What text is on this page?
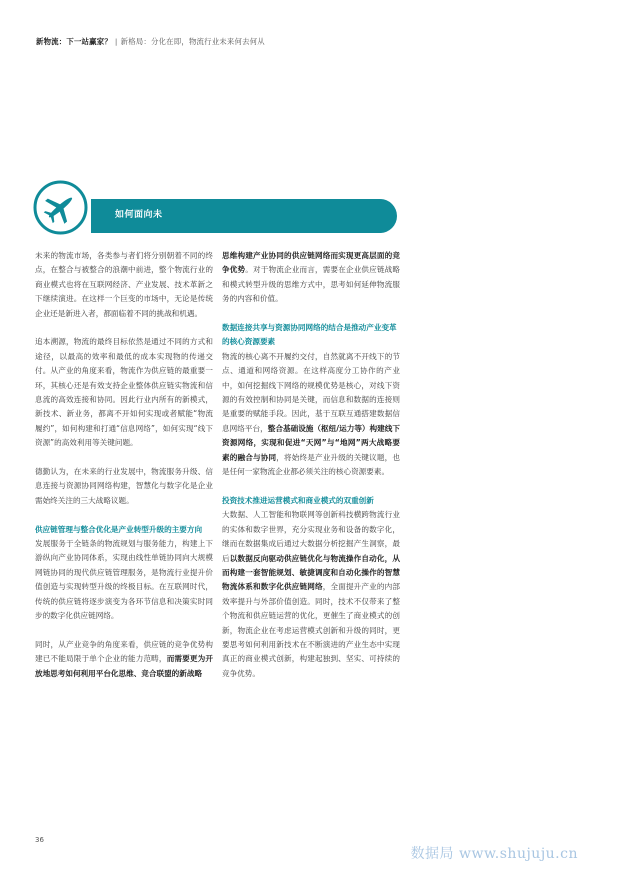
新物流：下一站赢家？ | 新格局：分化在即，物流行业未来何去何从
如何面向未

未来的物流市场，各类参与者们将分别朝着不同的终点，在整合与被整合的浪潮中前进，整个物流行业的商业模式也将在互联网经济、产业发展、技术革新之下继续演进。在这样一个巨变的市场中，无论是传统企业还是新进入者，都面临着不同的挑战和机遇。

追本溯源，物流的最终目标依然是通过不同的方式和途径，以最高的效率和最低的成本实现物的传递交付。从产业的角度来看，物流作为供应链的最重要一环，其核心还是有效支持企业整体供应链实物流和信息流的高效连接和协同。因此行业内所有的新模式，新技术、新业务，都离不开如何实现或者赋能“物流履约”，如何构建和打通“信息网络”，如何实现“线下资源”的高效利用等关键问题。

德勤认为，在未来的行业发展中，物流服务升级、信息连接与资源协同网络构建，智慧化与数字化是企业需始终关注的三大战略议题。

供应链管理与整合优化是产业转型升级的主要方向

发展服务于全链条的物流规划与服务能力，构建上下游纵向产业协同体系，实现由线性单链协同向大规模网链协同的现代供应链管理服务，是物流行业提升价值创造与实现转型升级的终极目标。在互联网时代，传统的供应链将逐步演变为各环节信息和决策实时同步的数字化供应链网络。

同时，从产业竞争的角度来看，供应链的竞争优势构建已不能局限于单个企业的能力范畴，而需要更为开放地思考如何利用平台化思维、竞合联盟的新战略

思维构建产业协同的供应链网络而实现更高层面的竞争优势。对于物流企业而言，需要在企业供应链战略和模式转型升级的思维方式中，思考如何延伸物流服务的内容和价值。

数据连接共享与资源协同网络的结合是推动产业变革的核心资源要素

物流的核心离不开履约交付，自然就离不开线下的节点、通道和网络资源。在这样高度分工协作的产业中，如何挖掘线下网络的规模优势是核心，对线下资源的有效控制和协同是关键，而信息和数据的连接则是重要的赋能手段。因此，基于互联互通搭建数据信息网络平台，整合基础设施（枢纽/运力等）构建线下资源网络，实现和促进“天网”与“地网”两大战略要素的融合与协同，将始终是产业升级的关键议题，也是任何一家物流企业都必须关注的核心资源要素。

投资技术推进运营模式和商业模式的双重创新

大数据、人工智能和物联网等创新科技横跨物流行业的实体和数字世界，充分实现业务和设备的数字化，继而在数据集成后通过大数据分析挖掘产生洞察，最后以数据反向驱动供应链优化与物流操作自动化，从而构建一套智能规划、敏捷调度和自动化操作的智慧物流体系和数字化供应链网络，全面提升产业的内部效率提升与外部价值创造。同时，技术不仅带来了整个物流和供应链运营的优化，更催生了商业模式的创新，物流企业在考虑运营模式创新和升级的同时，更要思考如何利用新技术在不断演进的产业生态中实现真正的商业模式创新，构建起独到、坚实、可持续的竞争优势。

36
数据局 www.shujuju.cn
